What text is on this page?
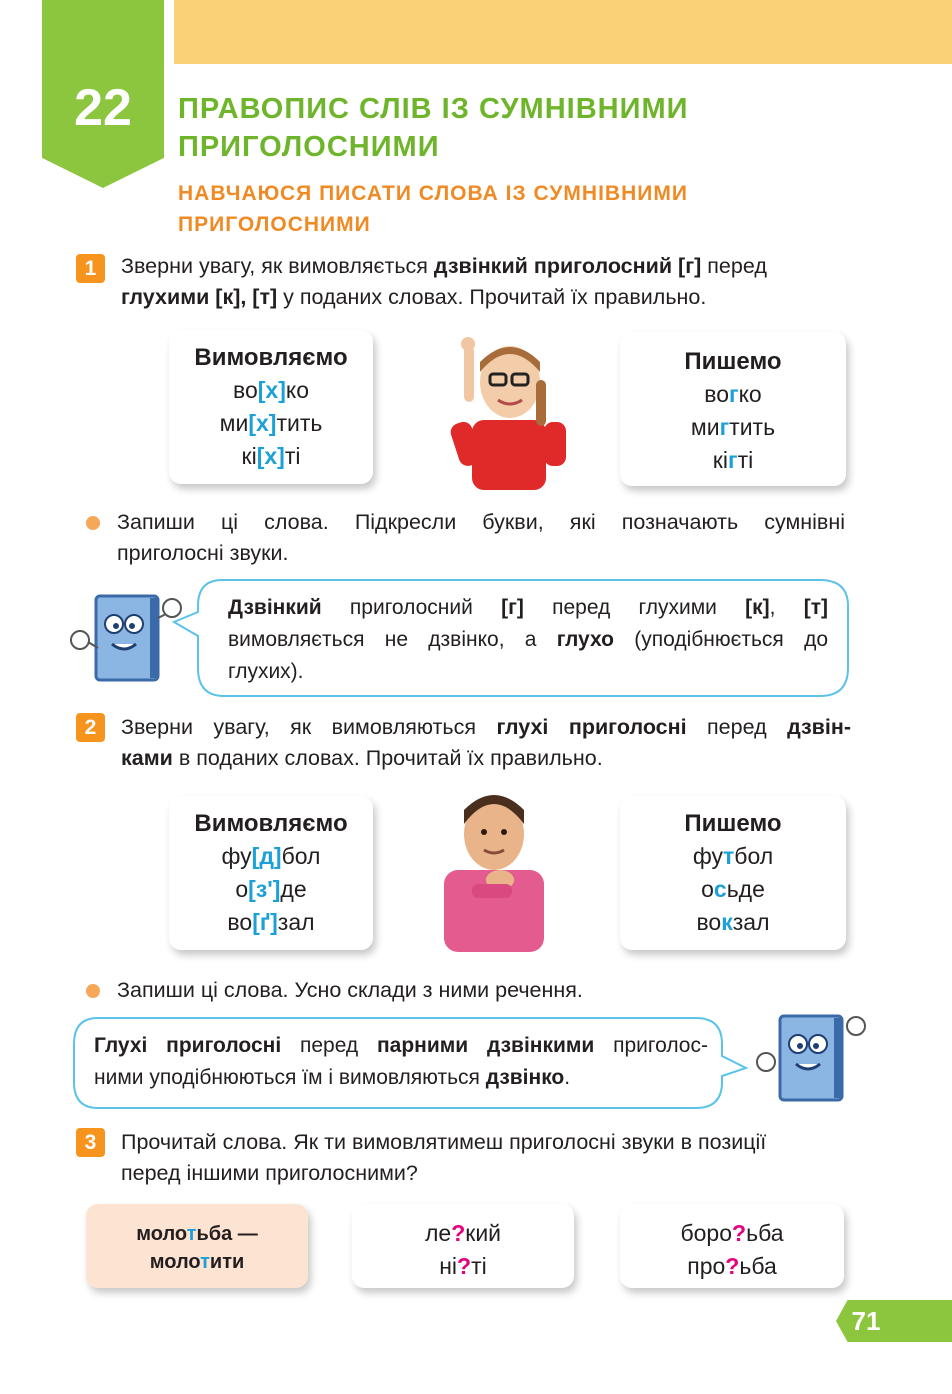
22	ПРАВОПИС СЛІВ ІЗ СУМНІВНИМИ
ПРИГОЛОСНИМИ
НАВЧАЮСЯ ПИСАТИ СЛОВА ІЗ СУМНІВНИМИ
ПРИГОЛОСНИМИ
1	Зверни увагу, як вимовляється дзвінкий приголосний [г] перед
глухими [к], [т] у поданих словах. Прочитай їх правильно.
Вимовляємо
во[х]ко
ми[х]тить
кі[х]ті
Пишемо
вогко
мигтить
кігті
Запиши ці слова. Підкресли букви, які позначають сумнівні
приголосні звуки.
Дзвінкий приголосний [г] перед глухими [к], [т]
вимовляється не дзвінко, а глухо (уподібнюється до
глухих).
2	Зверни увагу, як вимовляються глухі приголосні перед дзвін-
ками в поданих словах. Прочитай їх правильно.
Вимовляємо
фу[д]бол
о[з']де
во[ґ]зал
Пишемо
футбол
осьде
вокзал
Запиши ці слова. Усно склади з ними речення.
Глухі приголосні перед парними дзвінкими приголос-
ними уподібнюються їм і вимовляються дзвінко.
3	Прочитай слова. Як ти вимовлятимеш приголосні звуки в позиції
перед іншими приголосними?
молотьба —
молотити
ле?кий
ні?ті
боро?ьба
про?ьба
71
